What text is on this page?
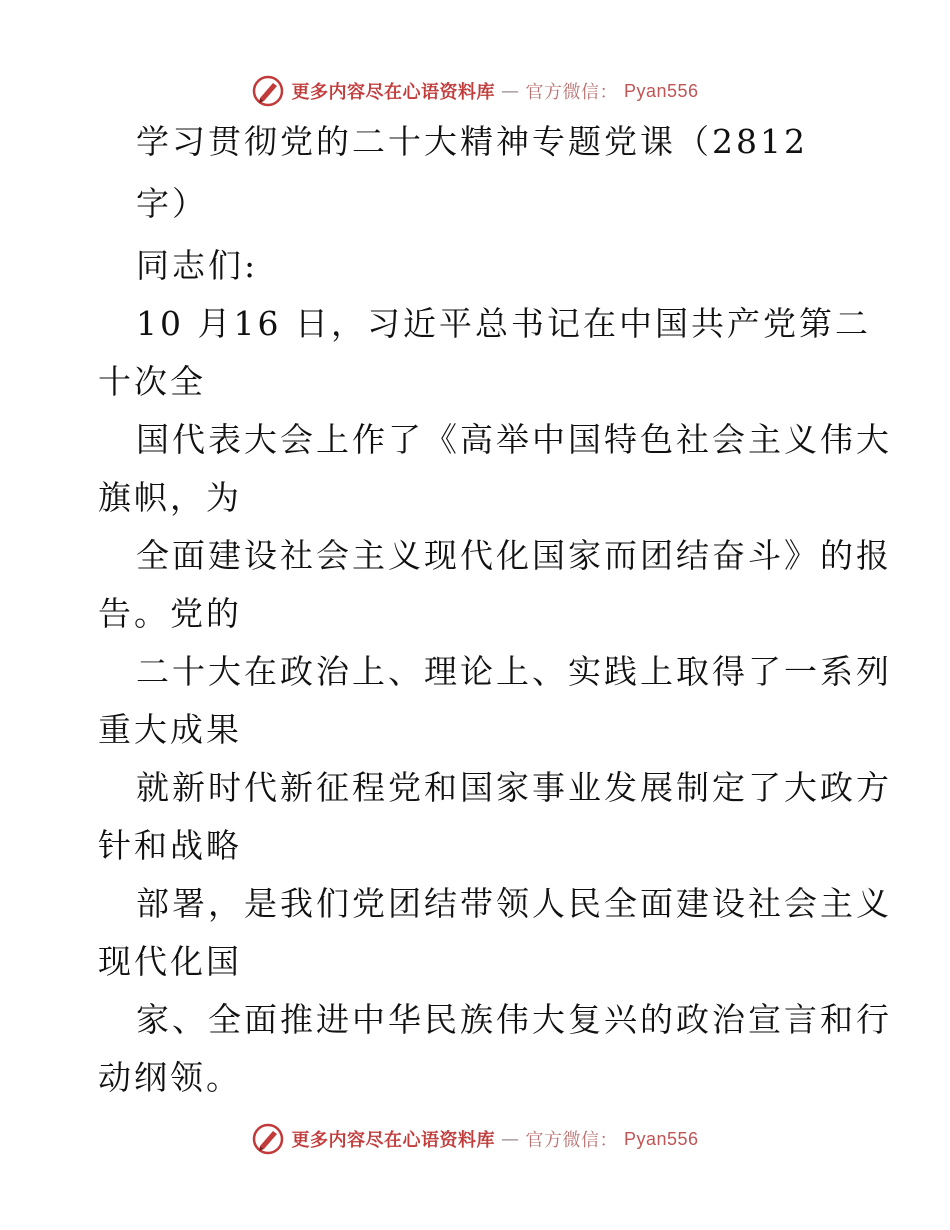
更多内容尽在心语资料库 — 官方微信： Pyan556
学习贯彻党的二十大精神专题党课（2812
字）
同志们:
10 月16 日，习近平总书记在中国共产党第二
十次全
国代表大会上作了《高举中国特色社会主义伟大
旗帜，为
全面建设社会主义现代化国家而团结奋斗》的报
告。党的
二十大在政治上、理论上、实践上取得了一系列
重大成果
就新时代新征程党和国家事业发展制定了大政方
针和战略
部署，是我们党团结带领人民全面建设社会主义
现代化国
家、全面推进中华民族伟大复兴的政治宣言和行
动纲领。
更多内容尽在心语资料库 — 官方微信： Pyan556
